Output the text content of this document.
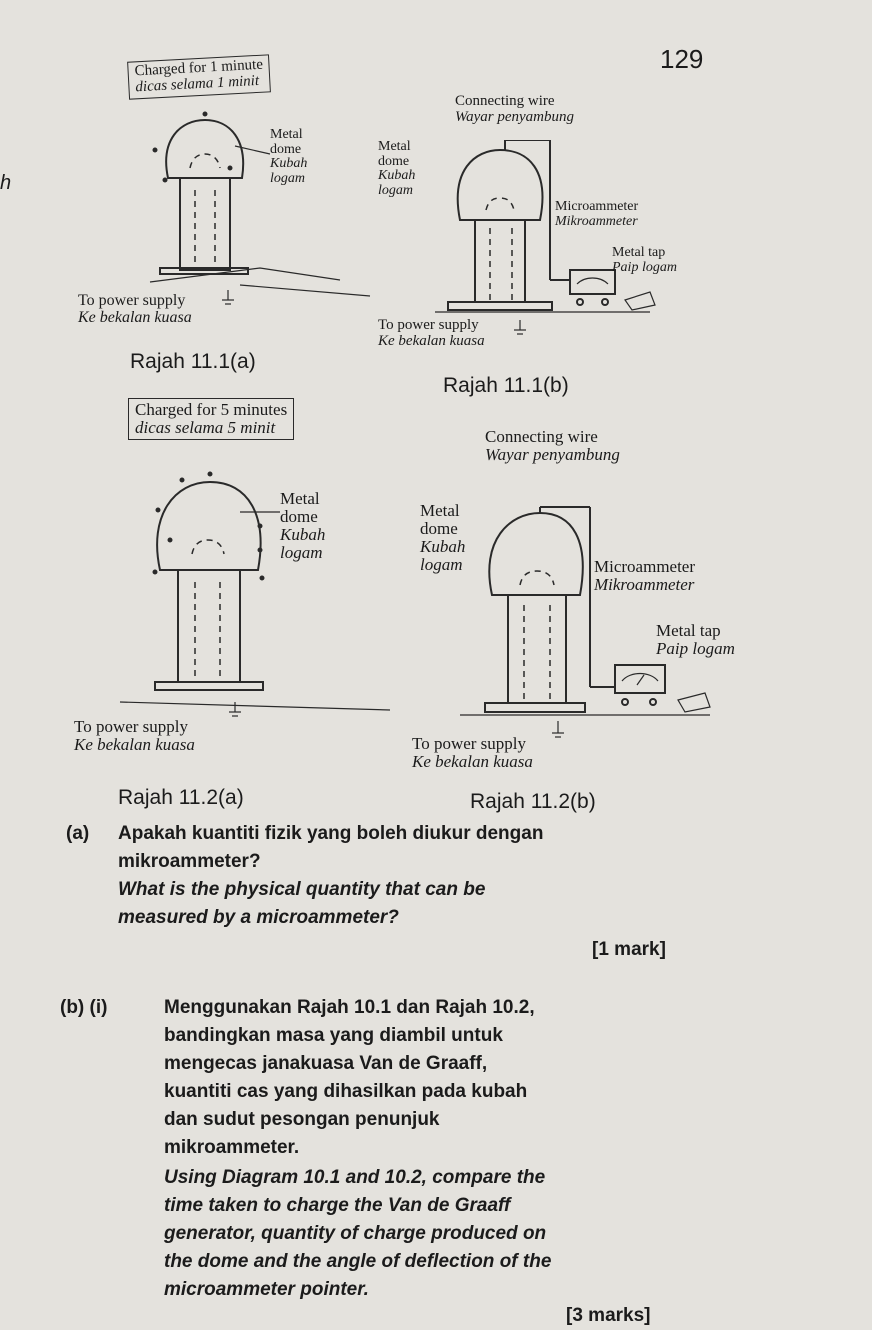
129
h
Charged for 1 minute
dicas selama 1 minit
Metal
dome
Kubah
logam
To power supply
Ke bekalan kuasa
Connecting wire
Wayar penyambung
Metal
dome
Kubah
logam
Microammeter
Mikroammeter
Metal tap
Paip logam
To power supply
Ke bekalan kuasa
Rajah 11.1(a)
Rajah 11.1(b)
Charged for 5 minutes
dicas selama 5 minit
Metal
dome
Kubah
logam
To power supply
Ke bekalan kuasa
Connecting wire
Wayar penyambung
Metal
dome
Kubah
logam	Microammeter
Mikroammeter
Metal tap
Paip logam
To power supply
Ke bekalan kuasa
Rajah 11.2(a)	Rajah 11.2(b)
(a) Apakah kuantiti fizik yang boleh diukur dengan
mikroammeter?
What is the physical quantity that can be
measured by a microammeter?
[1 mark]
(b) (i)	Menggunakan Rajah 10.1 dan Rajah 10.2,
bandingkan masa yang diambil untuk
mengecas janakuasa Van de Graaff,
kuantiti cas yang dihasilkan pada kubah
dan sudut pesongan penunjuk
mikroammeter.
Using Diagram 10.1 and 10.2, compare the
time taken to charge the Van de Graaff
generator, quantity of charge produced on
the dome and the angle of deflection of the
microammeter pointer.
[3 marks]
